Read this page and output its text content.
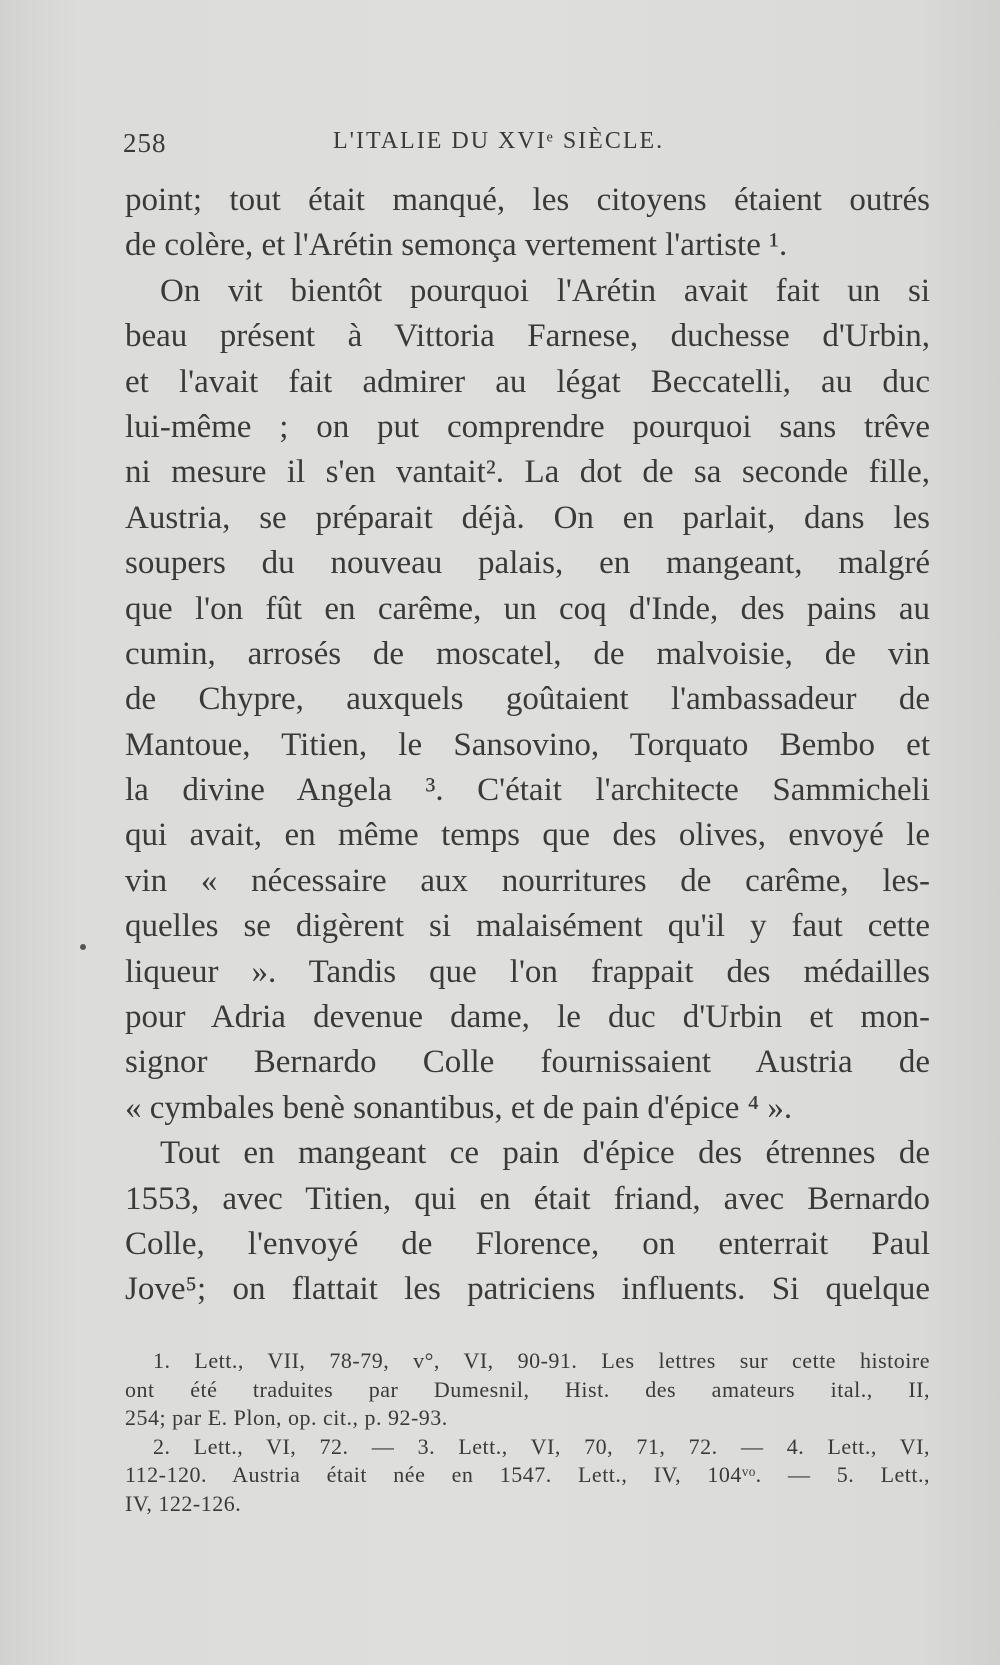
258	L'ITALIE DU XVIᵉ SIÈCLE.
point; tout était manqué, les citoyens étaient outrés
de colère, et l'Arétin semonça vertement l'artiste ¹.
On vit bientôt pourquoi l'Arétin avait fait un si
beau présent à Vittoria Farnese, duchesse d'Urbin,
et l'avait fait admirer au légat Beccatelli, au duc
lui-même ; on put comprendre pourquoi sans trêve
ni mesure il s'en vantait². La dot de sa seconde fille,
Austria, se préparait déjà. On en parlait, dans les
soupers du nouveau palais, en mangeant, malgré
que l'on fût en carême, un coq d'Inde, des pains au
cumin, arrosés de moscatel, de malvoisie, de vin
de Chypre, auxquels goûtaient l'ambassadeur de
Mantoue, Titien, le Sansovino, Torquato Bembo et
la divine Angela ³. C'était l'architecte Sammicheli
qui avait, en même temps que des olives, envoyé le
vin « nécessaire aux nourritures de carême, les-
quelles se digèrent si malaisément qu'il y faut cette
liqueur ». Tandis que l'on frappait des médailles
pour Adria devenue dame, le duc d'Urbin et mon-
signor Bernardo Colle fournissaient Austria de
« cymbales benè sonantibus, et de pain d'épice ⁴ ».
Tout en mangeant ce pain d'épice des étrennes de
1553, avec Titien, qui en était friand, avec Bernardo
Colle, l'envoyé de Florence, on enterrait Paul
Jove⁵; on flattait les patriciens influents. Si quelque
1. Lett., VII, 78-79, v°, VI, 90-91. Les lettres sur cette histoire
ont été traduites par Dumesnil, Hist. des amateurs ital., II,
254; par E. Plon, op. cit., p. 92-93.
2. Lett., VI, 72. — 3. Lett., VI, 70, 71, 72. — 4. Lett., VI,
112-120. Austria était née en 1547. Lett., IV, 104ᵛᵒ. — 5. Lett.,
IV, 122-126.
